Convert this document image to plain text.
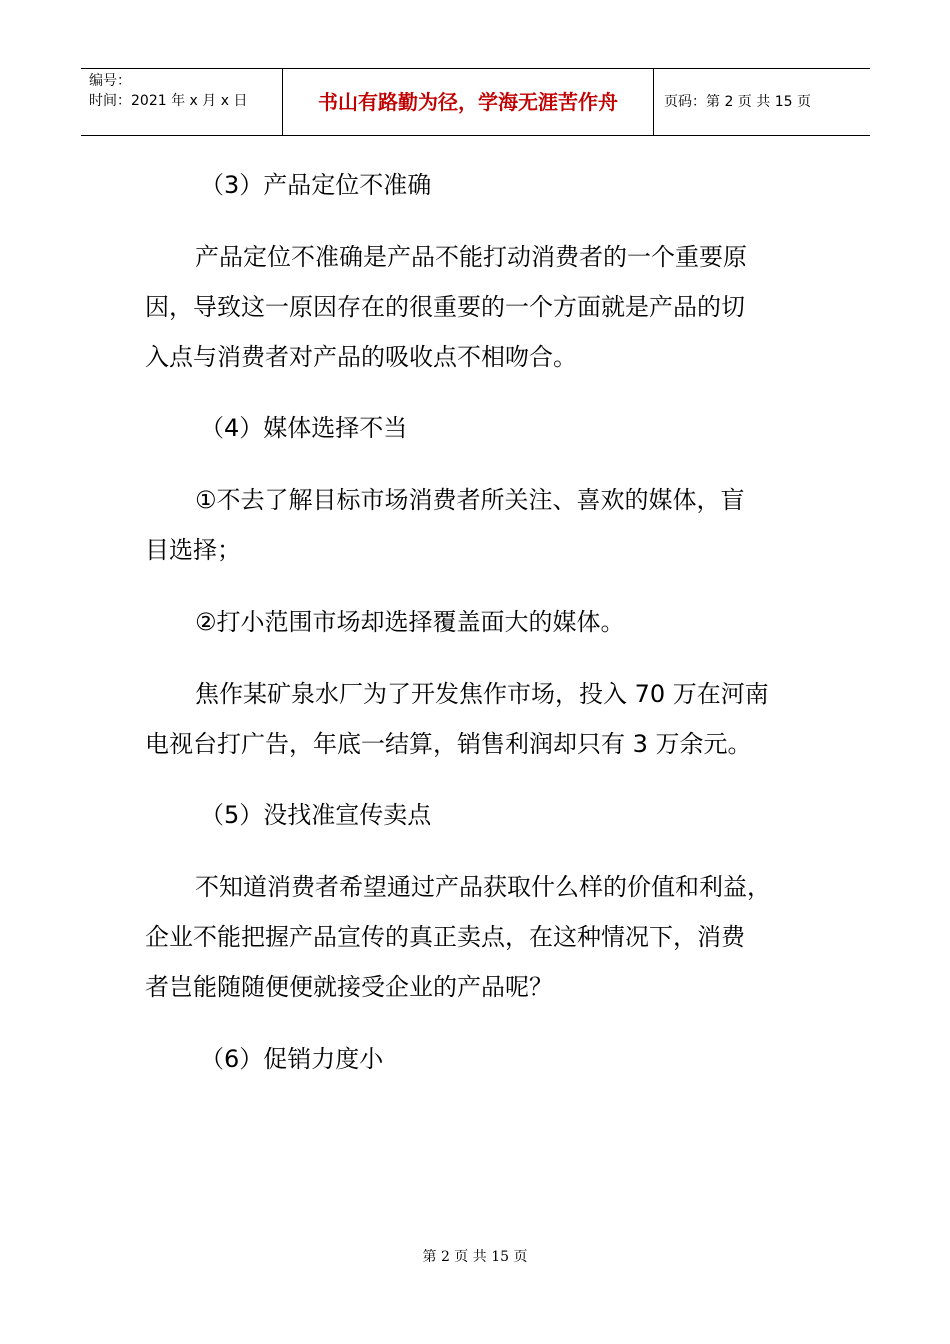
编号：
时间：2021 年 x 月 x 日	书山有路勤为径，学海无涯苦作舟	页码：第 2 页 共 15 页

（3）产品定位不准确

产品定位不准确是产品不能打动消费者的一个重要原

因，导致这一原因存在的很重要的一个方面就是产品的切

入点与消费者对产品的吸收点不相吻合。

（4）媒体选择不当

①不去了解目标市场消费者所关注、喜欢的媒体，盲

目选择；

②打小范围市场却选择覆盖面大的媒体。

焦作某矿泉水厂为了开发焦作市场，投入 70 万在河南

电视台打广告，年底一结算，销售利润却只有 3 万余元。

（5）没找准宣传卖点

不知道消费者希望通过产品获取什么样的价值和利益，

企业不能把握产品宣传的真正卖点，在这种情况下，消费

者岂能随随便便就接受企业的产品呢？

（6）促销力度小

第 2 页 共 15 页
